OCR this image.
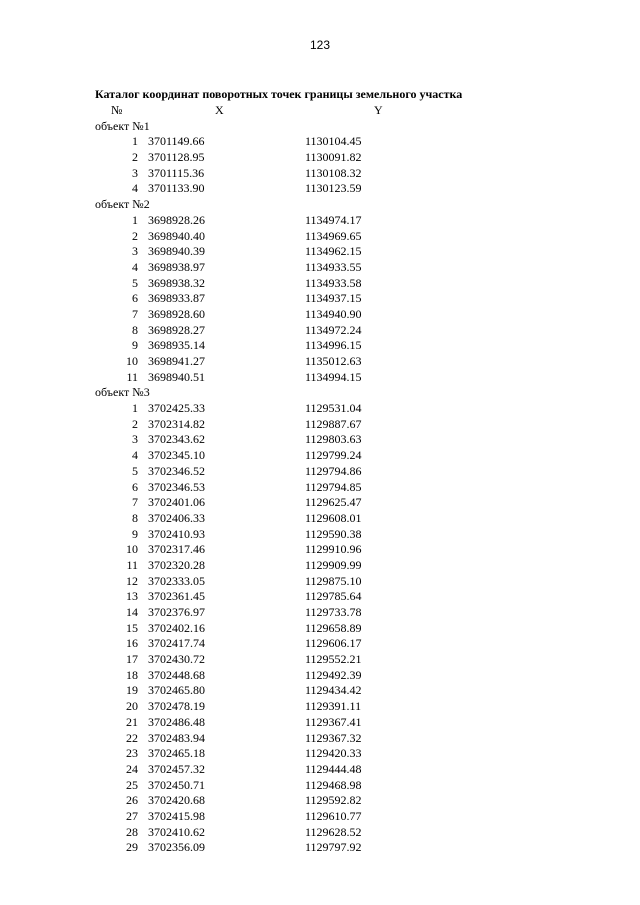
123
Каталог координат поворотных точек границы земельного участка
№	X	Y
объект №1
1 3701149.66	1130104.45
2 3701128.95	1130091.82
3 3701115.36	1130108.32
4 3701133.90	1130123.59
объект №2
1 3698928.26	1134974.17
2 3698940.40	1134969.65
3 3698940.39	1134962.15
4 3698938.97	1134933.55
5 3698938.32	1134933.58
6 3698933.87	1134937.15
7 3698928.60	1134940.90
8 3698928.27	1134972.24
9 3698935.14	1134996.15
10 3698941.27	1135012.63
11 3698940.51	1134994.15
объект №3
1 3702425.33	1129531.04
2 3702314.82	1129887.67
3 3702343.62	1129803.63
4 3702345.10	1129799.24
5 3702346.52	1129794.86
6 3702346.53	1129794.85
7 3702401.06	1129625.47
8 3702406.33	1129608.01
9 3702410.93	1129590.38
10 3702317.46	1129910.96
11 3702320.28	1129909.99
12 3702333.05	1129875.10
13 3702361.45	1129785.64
14 3702376.97	1129733.78
15 3702402.16	1129658.89
16 3702417.74	1129606.17
17 3702430.72	1129552.21
18 3702448.68	1129492.39
19 3702465.80	1129434.42
20 3702478.19	1129391.11
21 3702486.48	1129367.41
22 3702483.94	1129367.32
23 3702465.18	1129420.33
24 3702457.32	1129444.48
25 3702450.71	1129468.98
26 3702420.68	1129592.82
27 3702415.98	1129610.77
28 3702410.62	1129628.52
29 3702356.09	1129797.92
